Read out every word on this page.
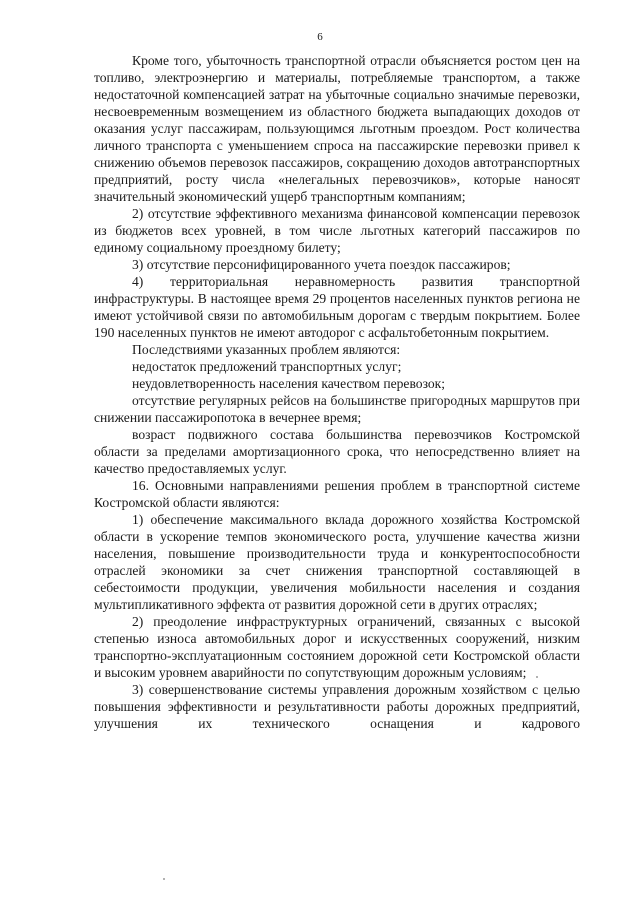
6

Кроме того, убыточность транспортной отрасли объясняется ростом цен на топливо, электроэнергию и материалы, потребляемые транспортом, а также недостаточной компенсацией затрат на убыточные социально значимые перевозки, несвоевременным возмещением из областного бюджета выпадающих доходов от оказания услуг пассажирам, пользующимся льготным проездом. Рост количества личного транспорта с уменьшением спроса на пассажирские перевозки привел к снижению объемов перевозок пассажиров, сокращению доходов автотранспортных предприятий, росту числа «нелегальных перевозчиков», которые наносят значительный экономический ущерб транспортным компаниям;

2) отсутствие эффективного механизма финансовой компенсации перевозок из бюджетов всех уровней, в том числе льготных категорий пассажиров по единому социальному проездному билету;

3) отсутствие персонифицированного учета поездок пассажиров;

4) территориальная неравномерность развития транспортной инфраструктуры. В настоящее время 29 процентов населенных пунктов региона не имеют устойчивой связи по автомобильным дорогам с твердым покрытием. Более 190 населенных пунктов не имеют автодорог с асфальтобетонным покрытием.

Последствиями указанных проблем являются:

недостаток предложений транспортных услуг;

неудовлетворенность населения качеством перевозок;

отсутствие регулярных рейсов на большинстве пригородных маршрутов при снижении пассажиропотока в вечернее время;

возраст подвижного состава большинства перевозчиков Костромской области за пределами амортизационного срока, что непосредственно влияет на качество предоставляемых услуг.

16. Основными направлениями решения проблем в транспортной системе Костромской области являются:

1) обеспечение максимального вклада дорожного хозяйства Костромской области в ускорение темпов экономического роста, улучшение качества жизни населения, повышение производительности труда и конкурентоспособности отраслей экономики за счет снижения транспортной составляющей в себестоимости продукции, увеличения мобильности населения и создания мультипликативного эффекта от развития дорожной сети в других отраслях;

2) преодоление инфраструктурных ограничений, связанных с высокой степенью износа автомобильных дорог и искусственных сооружений, низким транспортно-эксплуатационным состоянием дорожной сети Костромской области и высоким уровнем аварийности по сопутствующим дорожным условиям;

3) совершенствование системы управления дорожным хозяйством с целью повышения эффективности и результативности работы дорожных предприятий, улучшения их технического оснащения и кадрового
